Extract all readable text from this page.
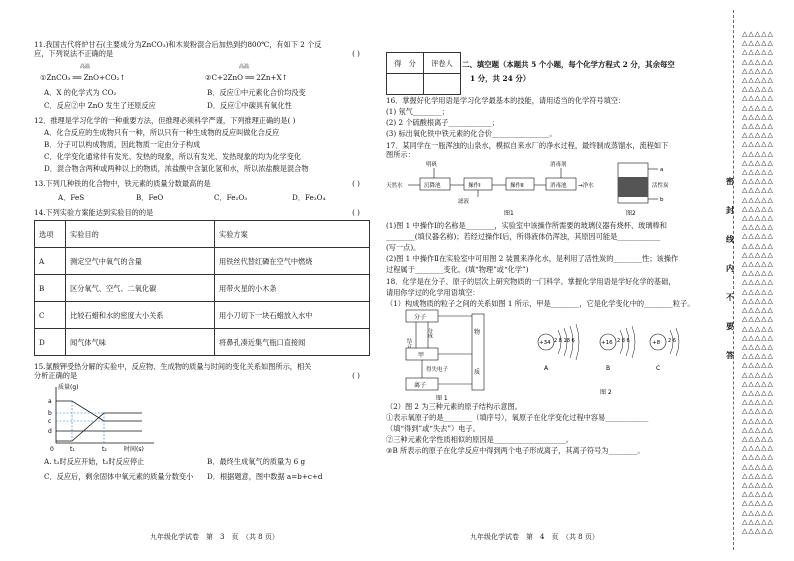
11.我国古代将炉甘石(主要成分为ZnCO₃)和木炭粉混合后加热到约800℃，有如下 2 个反

应，下列说法不正确的是	( )

$^{高温}$
①ZnCO₃ ══ ZnO+CO₂↑
$^{高温}$
②C+2ZnO ══ 2Zn+X↑

A．X 的化学式为 CO₂	B．反应①中元素化合价均没变

C．反应②中 ZnO 发生了还原反应	D．反应①中碳具有氧化性

12．推理是学习化学的一种重要方法，但推理必须科学严谨，下列推理正确的是( )

A．化合反应的生成物只有一种，所以只有一种生成物的反应叫做化合反应

B．分子可以构成物质，因此物质一定由分子构成

C．化学变化通常伴有发光、发热的现象，所以有发光、发热现象的均为化学变化

D．混合物含两种或两种以上的物质，浓盐酸中含氯化氢和水，所以浓盐酸是混合物

13.下列几种铁的化合物中，铁元素的质量分数最高的是	( )

A．FeS	B．FeO	C．Fe₂O₃	D．Fe₃O₄

14.下列实验方案能达到实验目的的是	( )

选项	实验目的	实验方案
A	测定空气中氧气的含量	用铁丝代替红磷在空气中燃烧
B	区分氧气、空气、二氧化碳	用带火星的小木条
C	比较石蜡和水的密度大小关系	用小刀切下一块石蜡放入水中
D	闻气体气味	将鼻孔凑近集气瓶口直接闻

15.氯酸钾受热分解的实验中，反应物、生成物的质量与时间的变化关系如图所示，相关

分析正确的是	( )

质量(g)
时间(s)
a
b
c
d
0	t₁	t₂

A. t₁时反应开始，t₂时反应停止	B．最终生成氧气的质量为 6 g

C．反应后，剩余固体中氧元素的质量分数变小	D．根据题意，图中数据 a=b+c+d

九年级化学试卷　第　3　页　（共 8 页）
得　分	评卷人
	二、填空题（本题共 5 个小题，每个化学方程式 2 分，其余每空

1 分，共 24 分）

16．掌握好化学用语是学习化学最基本的技能，请用适当的化学符号填空：

(1) 氖气________；

(2) 2 个硫酸根离子____________；

(3) 标出氧化铁中铁元素的化合价________________。

17．某同学在一瓶浑浊的山泉水，模拟自来水厂的净水过程，最终制成蒸馏水，流程如下

图所示：

天然水	沉降池
明矾
操作Ⅰ
滤液
操作Ⅱ	消毒池
消毒剂
→净水
图1
a
b
活性炭
图2

(1)图 1 中操作Ⅰ的名称是________，实验室中该操作所需要的玻璃仪器有烧杯、玻璃棒和

________(填仪器名称)；若经过操作Ⅰ后，所得液体仍浑浊，其原因可能是____________

(写一点)。

(2)图 1 中操作Ⅱ在实验室中可用图 2 装置来净化水，是利用了活性炭的________性；该操作

过程属于________变化。(填“物理”或“化学”)

18．化学是在分子、原子的层次上研究物质的一门科学。掌握化学用语是学好化学的基础，

请用你学过的化学用语填空：

（1）构成物质的粒子之间的关系如图 1 所示，甲是________，它是化学变化中的________粒子。

分子
甲
离子
物
质
结合
分成
得失电子
图 1
+34 2 8 18 6
A
+16 2 8 6
B
+8 2 6
C
图 2

（2）图 2 为三种元素的原子结构示意图。

①表示氧原子的是________（填序号），氧原子在化学变化过程中容易____________

（填“得到”或“失去”）电子。

②三种元素化学性质相似的原因是____________________。

③B 所表示的原子在化学反应中得到两个电子形成离子，其离子符号为________。

九年级化学试卷　第　4　页　（共 8 页）
密
封
线
内
不
要
答
△△△△△
△△△△△
△△△△△
△△△△△
△△△△△
△△△△△
△△△△△
△△△△△
△△△△△
△△△△△
△△△△△
△△△△△
△△△△△
△△△△△
△△△△△
△△△△△
△△△△△
△△△△△
△△△△△
△△△△△
△△△△△
△△△△△
△△△△△
△△△△△
△△△△△
△△△△△
△△△△△
△△△△△
△△△△△
△△△△△
△△△△△
△△△△△
△△△△△
△△△△△
△△△△△
△△△△△
△△△△△
△△△△△
△△△△△
△△△△△
△△△△△
△△△△△
△△△△△
△△△△△
△△△△△
△△△△△
△△△△△
△△△△△
△△△△△
△△△△△
△△△△△
△△△△△
△△△△△
△△△△△
△△△△△
